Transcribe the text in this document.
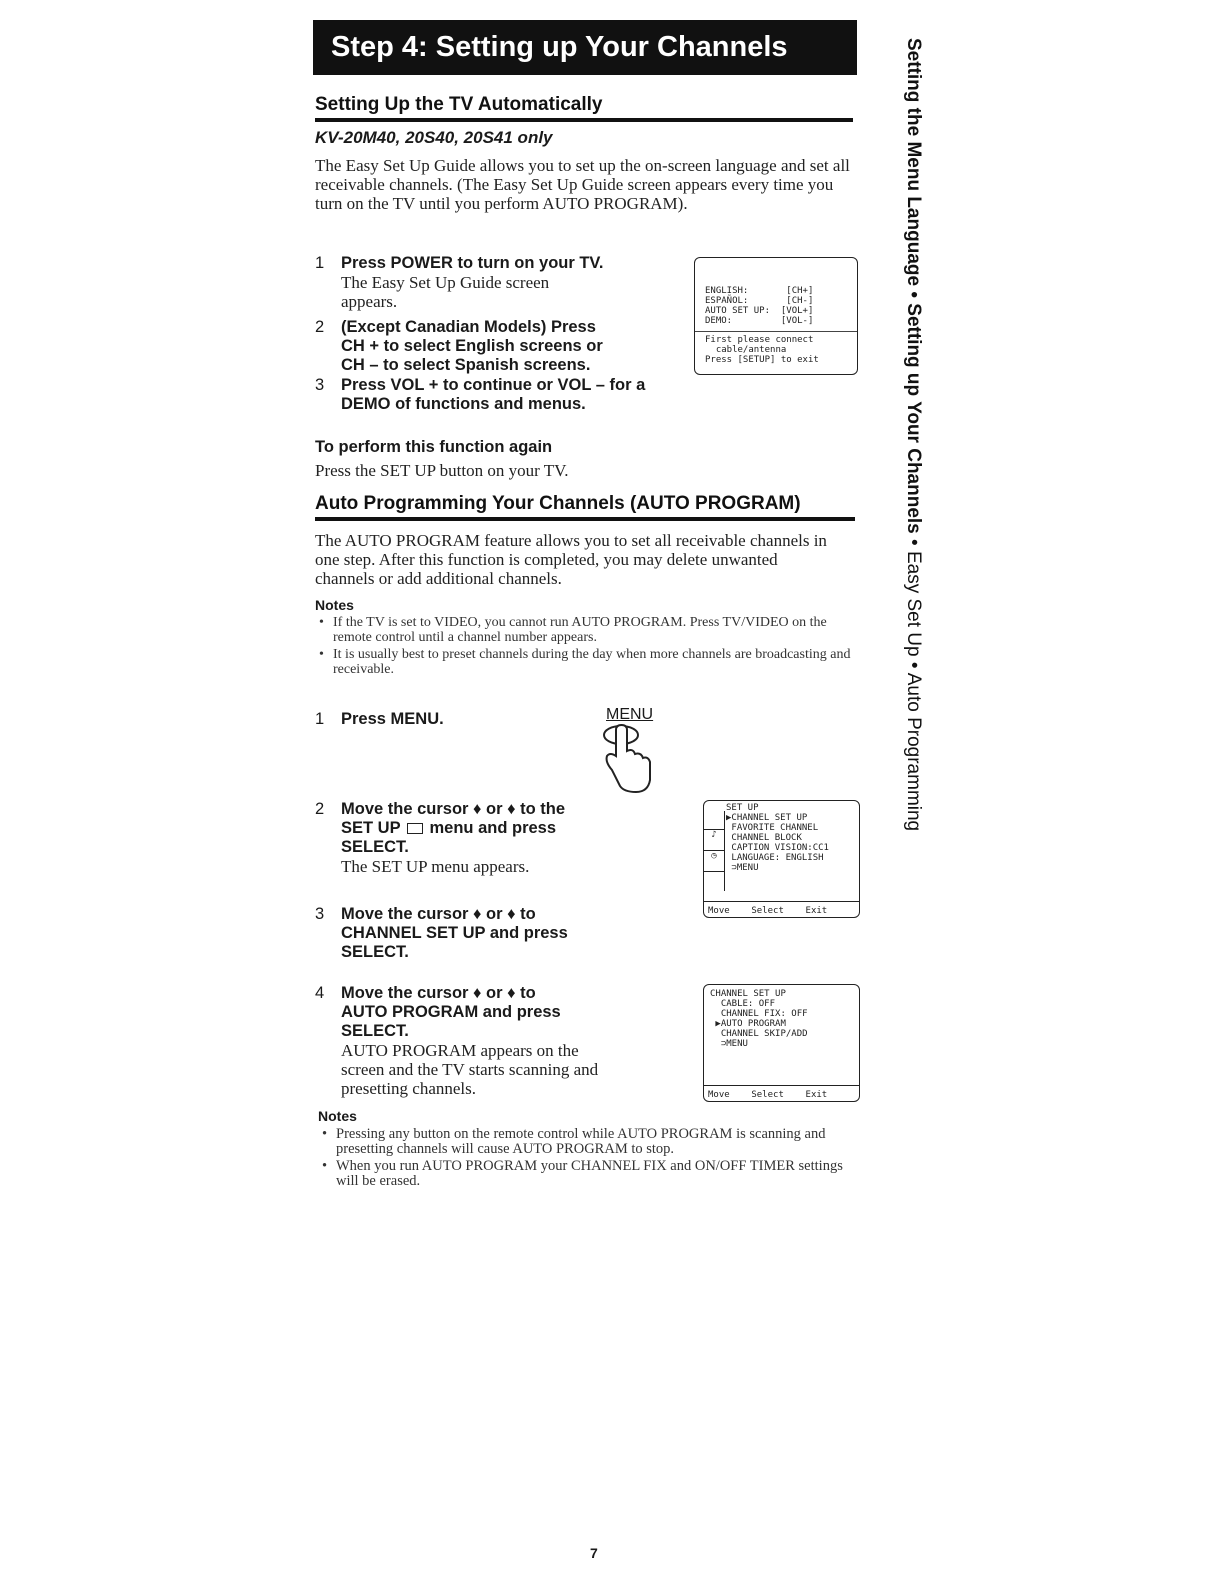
Step 4: Setting up Your Channels	Setting the Menu Language • Setting up Your Channels • Easy Set Up • Auto Programming
Setting Up the TV Automatically
KV-20M40, 20S40, 20S41 only
The Easy Set Up Guide allows you to set up the on-screen language and set all receivable channels. (The Easy Set Up Guide screen appears every time you turn on the TV until you perform AUTO PROGRAM).
1 Press POWER to turn on your TV.
The Easy Set Up Guide screen appears.
2 (Except Canadian Models) Press CH + to select English screens or CH – to select Spanish screens.
3 Press VOL + to continue or VOL – for a DEMO of functions and menus.
ENGLISH:       [CH+]
ESPAÑOL:       [CH-]
AUTO SET UP:  [VOL+]
DEMO:         [VOL-]
First please connect
cable/antenna
Press [SETUP] to exit
To perform this function again
Press the SET UP button on your TV.
Auto Programming Your Channels (AUTO PROGRAM)
The AUTO PROGRAM feature allows you to set all receivable channels in one step. After this function is completed, you may delete unwanted channels or add additional channels.
Notes
• If the TV is set to VIDEO, you cannot run AUTO PROGRAM. Press TV/VIDEO on the remote control until a channel number appears.
• It is usually best to preset channels during the day when more channels are broadcasting and receivable.
1 Press MENU.	MENU
2 Move the cursor ♦ or ♦ to the SET UP menu and press SELECT.
The SET UP menu appears.
3 Move the cursor ♦ or ♦ to CHANNEL SET UP and press SELECT.
4 Move the cursor ♦ or ♦ to AUTO PROGRAM and press SELECT.
AUTO PROGRAM appears on the screen and the TV starts scanning and presetting channels.
♪
◷
SET UP
▶CHANNEL SET UP
FAVORITE CHANNEL
CHANNEL BLOCK
CAPTION VISION:CC1
LANGUAGE: ENGLISH
⊃MENU
Move    Select    Exit
CHANNEL SET UP
CABLE: OFF
CHANNEL FIX: OFF
▶AUTO PROGRAM
CHANNEL SKIP/ADD
⊃MENU
Move    Select    Exit
Notes
• Pressing any button on the remote control while AUTO PROGRAM is scanning and presetting channels will cause AUTO PROGRAM to stop.
• When you run AUTO PROGRAM your CHANNEL FIX and ON/OFF TIMER settings will be erased.
7
